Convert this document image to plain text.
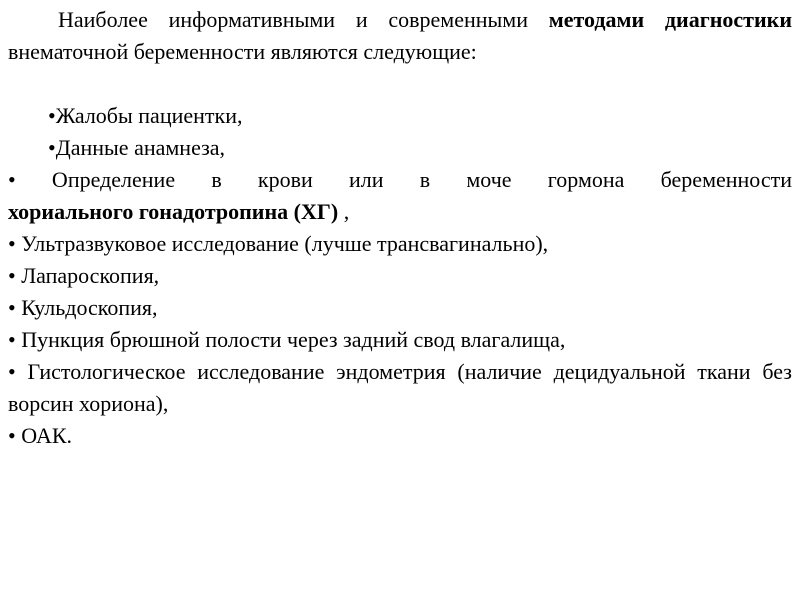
Наиболее информативными и современными методами диагностики внематочной беременности являются следующие:

•Жалобы пациентки,

•Данные анамнеза,

• Определение в крови или в моче гормона беременности

хориального гонадотропина (ХГ) ,

• Ультразвуковое исследование (лучше трансвагинально),

• Лапароскопия,

• Кульдоскопия,

• Пункция брюшной полости через задний свод влагалища,

• Гистологическое исследование эндометрия (наличие децидуальной ткани без ворсин хориона),

• ОАК.
